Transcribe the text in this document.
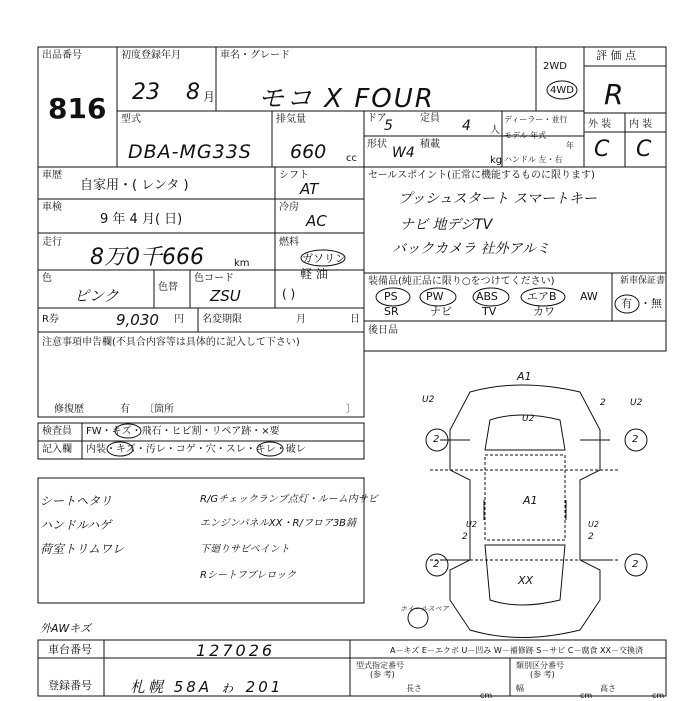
出品番号
816
初度登録年月
23 8 月
車名・グレード
モコ X FOUR
2WD
4WD
評 価 点
R
型式
DBA-MG33S
排気量
660 cc
ドア
5	定員 4 人
形状
W4
積載
kg
ディーラー・並行
モデル 年式
年
ハンドル 左・右
外 装 内 装
C C
車歴
自家用・( レンタ )
シフト
AT
車検
9 年 4 月( 日)
冷房
AC
走行
8万0千666	km
燃料
ガソリン
軽 油
( )
色
ピンク	色替
色コード
ZSU
R券	9,030 円 名変期限	月	日
セールスポイント(正常に機能するものに限ります)
プッシュスタート スマートキー
ナビ 地デジTV
バックカメラ 社外アルミ
装備品(純正品に限り○をつけてください)	新車保証書
有 ・無
PS	PW	ABS	エアB AW
SR	ナビ	TV	カワ
後日品
注意事項申告欄(不具合内容等は具体的に記入して下さい)
修復歴	有 〔箇所	〕
検査員
記入欄
FW・キズ・飛石・ヒビ割・リペア跡・×要
内装・キズ・汚レ・コゲ・穴・スレ・キレ・破レ
シートヘタリ
ハンドルハゲ
荷室トリムワレ
R/Gチェックランプ点灯・ルーム内サビ
エンジンパネルXX・R/フロア3B錆
下廻りサビペイント
Rシートフブレロック
外AWキズ
車台番号	127026
登録番号	札幌 58A ゎ 201
A－キズ E－エクボ U－凹み W－補修跡 S－サビ C－腐食 XX－交換済
型式指定番号
(参 考)
類別区分番号
(参 考)
長さ
cm
幅
cm
高さ
cm
A1
U2	U2
U2
2	2
2	2
2	2
2
A1
XX
U2	U2
ホイールスペア
